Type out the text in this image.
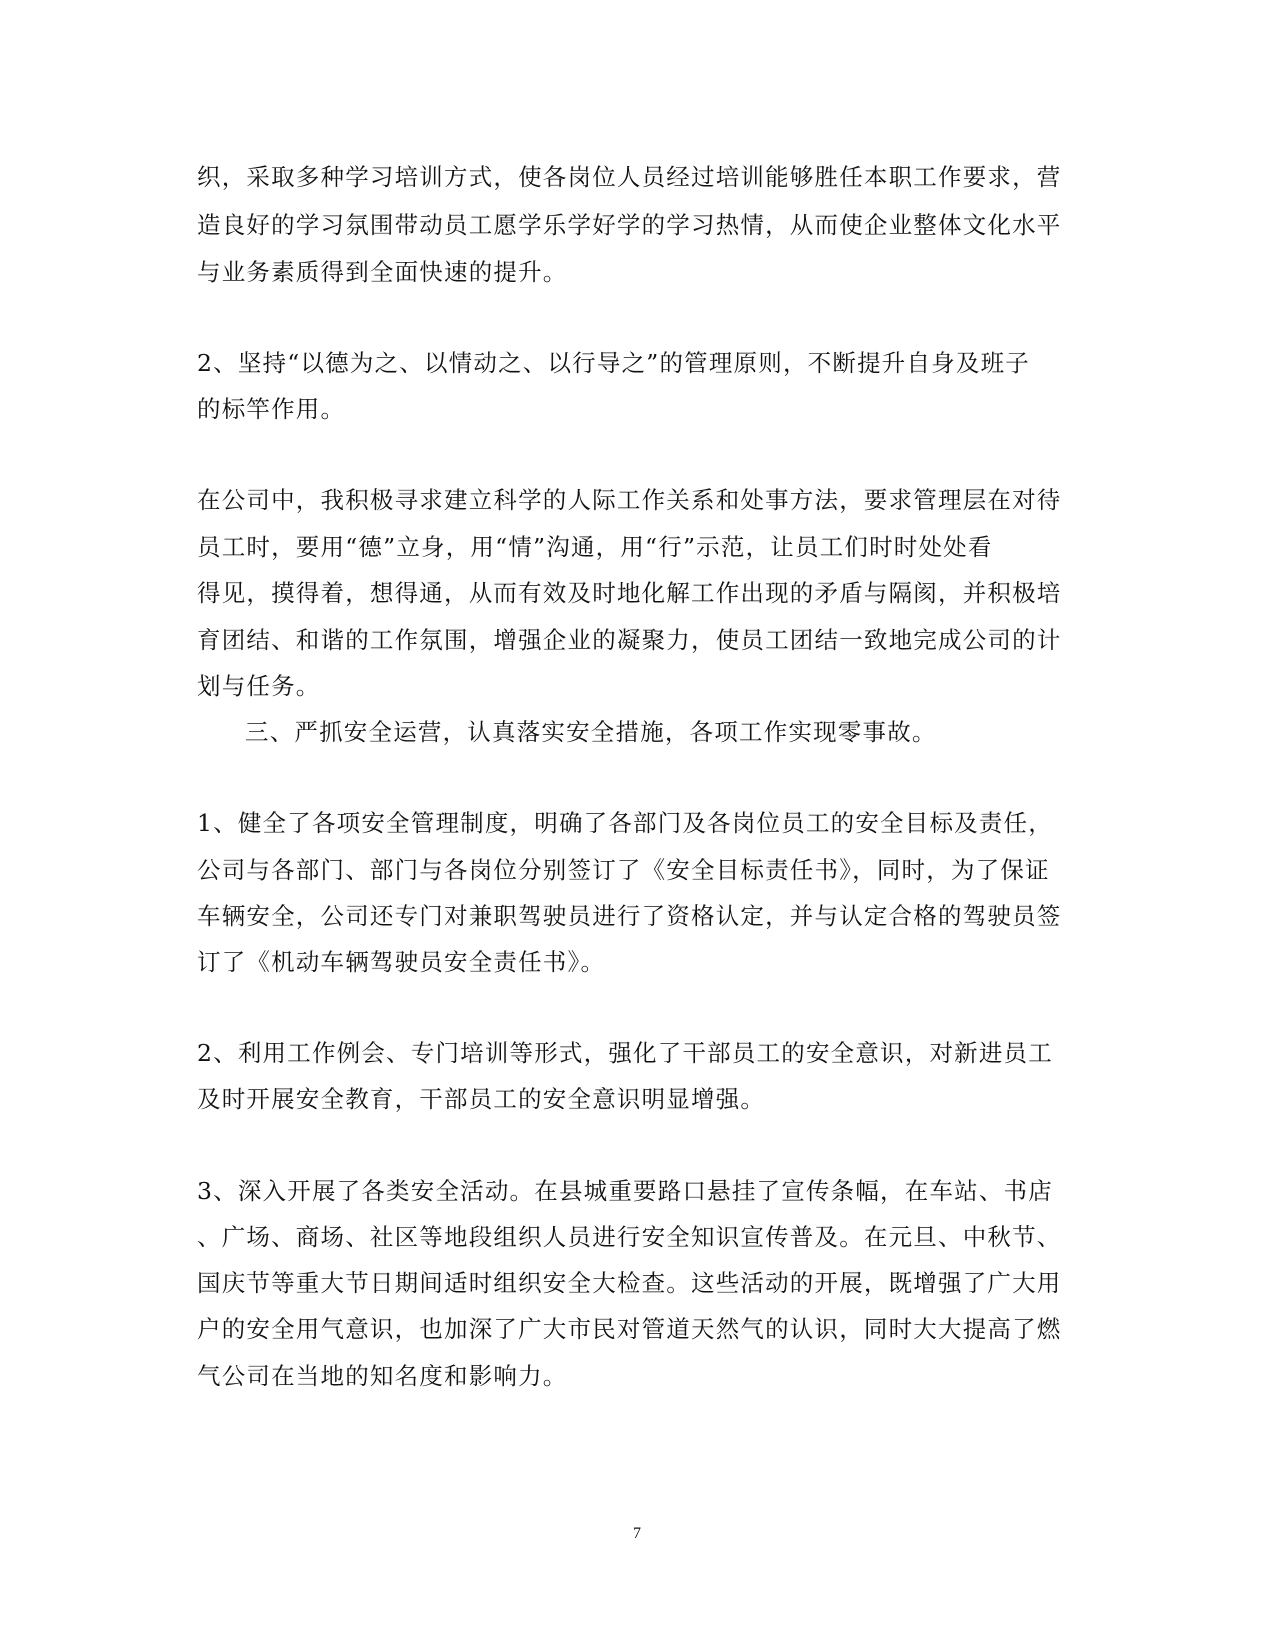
织，采取多种学习培训方式，使各岗位人员经过培训能够胜任本职工作要求，营
造良好的学习氛围带动员工愿学乐学好学的学习热情，从而使企业整体文化水平
与业务素质得到全面快速的提升。
2、坚持“以德为之、以情动之、以行导之”的管理原则，不断提升自身及班子
的标竿作用。
在公司中，我积极寻求建立科学的人际工作关系和处事方法，要求管理层在对待
员工时，要用“德”立身，用“情”沟通，用“行”示范，让员工们时时处处看
得见，摸得着，想得通，从而有效及时地化解工作出现的矛盾与隔阂，并积极培
育团结、和谐的工作氛围，增强企业的凝聚力，使员工团结一致地完成公司的计
划与任务。
三、严抓安全运营，认真落实安全措施，各项工作实现零事故。
1、健全了各项安全管理制度，明确了各部门及各岗位员工的安全目标及责任，
公司与各部门、部门与各岗位分别签订了《安全目标责任书》，同时，为了保证
车辆安全，公司还专门对兼职驾驶员进行了资格认定，并与认定合格的驾驶员签
订了《机动车辆驾驶员安全责任书》。
2、利用工作例会、专门培训等形式，强化了干部员工的安全意识，对新进员工
及时开展安全教育，干部员工的安全意识明显增强。
3、深入开展了各类安全活动。在县城重要路口悬挂了宣传条幅，在车站、书店
、广场、商场、社区等地段组织人员进行安全知识宣传普及。在元旦、中秋节、
国庆节等重大节日期间适时组织安全大检查。这些活动的开展，既增强了广大用
户的安全用气意识，也加深了广大市民对管道天然气的认识，同时大大提高了燃
气公司在当地的知名度和影响力。
7
